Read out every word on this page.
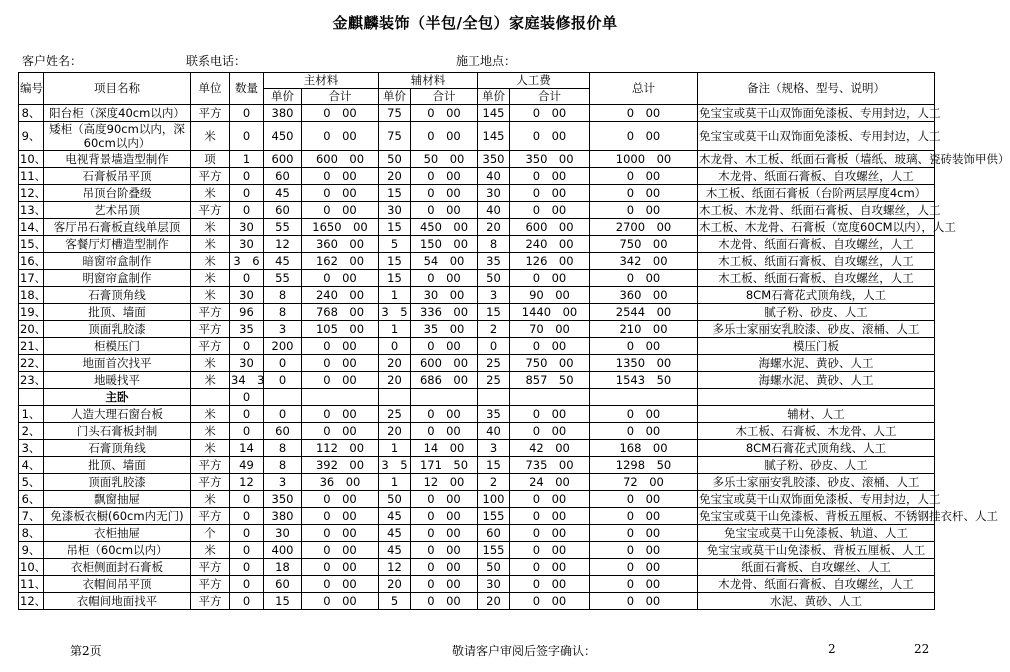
金麒麟装饰（半包/全包）家庭装修报价单
客户姓名：	联系电话：	施工地点：
编号	项目名称	单位	数量	主材料		辅材料		人工费		总计	备注（规格、型号、说明）
				单价	合计	单价	合计	单价	合计		
8、	阳台柜（深度40cm以内）	平方	0	380	0　00	75	0　00	145	0　00	0　00	免宝宝或莫干山双饰面免漆板、专用封边，人工
9、	矮柜（高度90cm以内，深60cm以内）	米	0	450	0　00	75	0　00	145	0　00	0　00	免宝宝或莫干山双饰面免漆板、专用封边，人工
10、	电视背景墙造型制作	项	1	600	600　00	50	50　00	350	350　00	1000　00	木龙骨、木工板、纸面石膏板（墙纸、玻璃、瓷砖装饰甲供）
11、	石膏板吊平顶	平方	0	60	0　00	20	0　00	40	0　00	0　00	木龙骨、纸面石膏板、自攻螺丝，人工
12、	吊顶台阶叠级	米	0	45	0　00	15	0　00	30	0　00	0　00	木工板、纸面石膏板（台阶两层厚度4cm）
13、	艺术吊顶	平方	0	60	0　00	30	0　00	40	0　00	0　00	木工板、木龙骨、纸面石膏板、自攻螺丝，人工
14、	客厅吊石膏板直线单层顶	米	30	55	1650　00	15	450　00	20	600　00	2700　00	木工板、木龙骨、石膏板（宽度60CM以内），人工
15、	客餐厅灯槽造型制作	米	30	12	360　00	5	150　00	8	240　00	750　00	木龙骨、纸面石膏板、自攻螺丝，人工
16、	暗窗帘盒制作	米	3　6	45	162　00	15	54　00	35	126　00	342　00	木工板、纸面石膏板、自攻螺丝，人工
17、	明窗帘盒制作	米	0	55	0　00	15	0　00	50	0　00	0　00	木工板、纸面石膏板、自攻螺丝，人工
18、	石膏顶角线	米	30	8	240　00	1	30　00	3	90　00	360　00	8CM石膏花式顶角线，人工
19、	批顶、墙面	平方	96	8	768　00	3　5	336　00	15	1440　00	2544　00	腻子粉、砂皮、人工
20、	顶面乳胶漆	平方	35	3	105　00	1	35　00	2	70　00	210　00	多乐士家丽安乳胶漆、砂皮、滚桶、人工
21、	柜模压门	平方	0	200	0　00	0	0　00	0	0　00	0　00	模压门板
22、	地面首次找平	米	30	0	0　00	20	600　00	25	750　00	1350　00	海螺水泥、黄砂、人工
23、	地暖找平	米	34　3	0	0　00	20	686　00	25	857　50	1543　50	海螺水泥、黄砂、人工
	主卧		0								
1、	人造大理石窗台板	米	0	0	0　00	25	0　00	35	0　00	0　00	辅材、人工
2、	门头石膏板封制	米	0	60	0　00	20	0　00	40	0　00	0　00	木工板、石膏板、木龙骨、人工
3、	石膏顶角线	米	14	8	112　00	1	14　00	3	42　00	168　00	8CM石膏花式顶角线、人工
4、	批顶、墙面	平方	49	8	392　00	3　5	171　50	15	735　00	1298　50	腻子粉、砂皮、人工
5、	顶面乳胶漆	平方	12	3	36　00	1	12　00	2	24　00	72　00	多乐士家丽安乳胶漆、砂皮、滚桶、人工
6、	飘窗抽屉	米	0	350	0　00	50	0　00	100	0　00	0　00	免宝宝或莫干山双饰面免漆板、专用封边，人工
7、	免漆板衣橱(60cm内无门)	平方	0	380	0　00	45	0　00	155	0　00	0　00	免宝宝或莫干山免漆板、背板五厘板、不锈钢挂衣杆、人工
8、	衣柜抽屉	个	0	30	0　00	45	0　00	60	0　00	0　00	免宝宝或莫干山免漆板、轨道、人工
9、	吊柜（60cm以内）	米	0	400	0　00	45	0　00	155	0　00	0　00	免宝宝或莫干山免漆板、背板五厘板、人工
10、	衣柜侧面封石膏板	平方	0	18	0　00	12	0　00	50	0　00	0　00	纸面石膏板、自攻螺丝、人工
11、	衣帽间吊平顶	平方	0	60	0　00	20	0　00	30	0　00	0　00	木龙骨、纸面石膏板、自攻螺丝，人工
12、	衣帽间地面找平	平方	0	15	0　00	5	0　00	20	0　00	0　00	水泥、黄砂、人工
第2页	敬请客户审阅后签字确认：	2	22
